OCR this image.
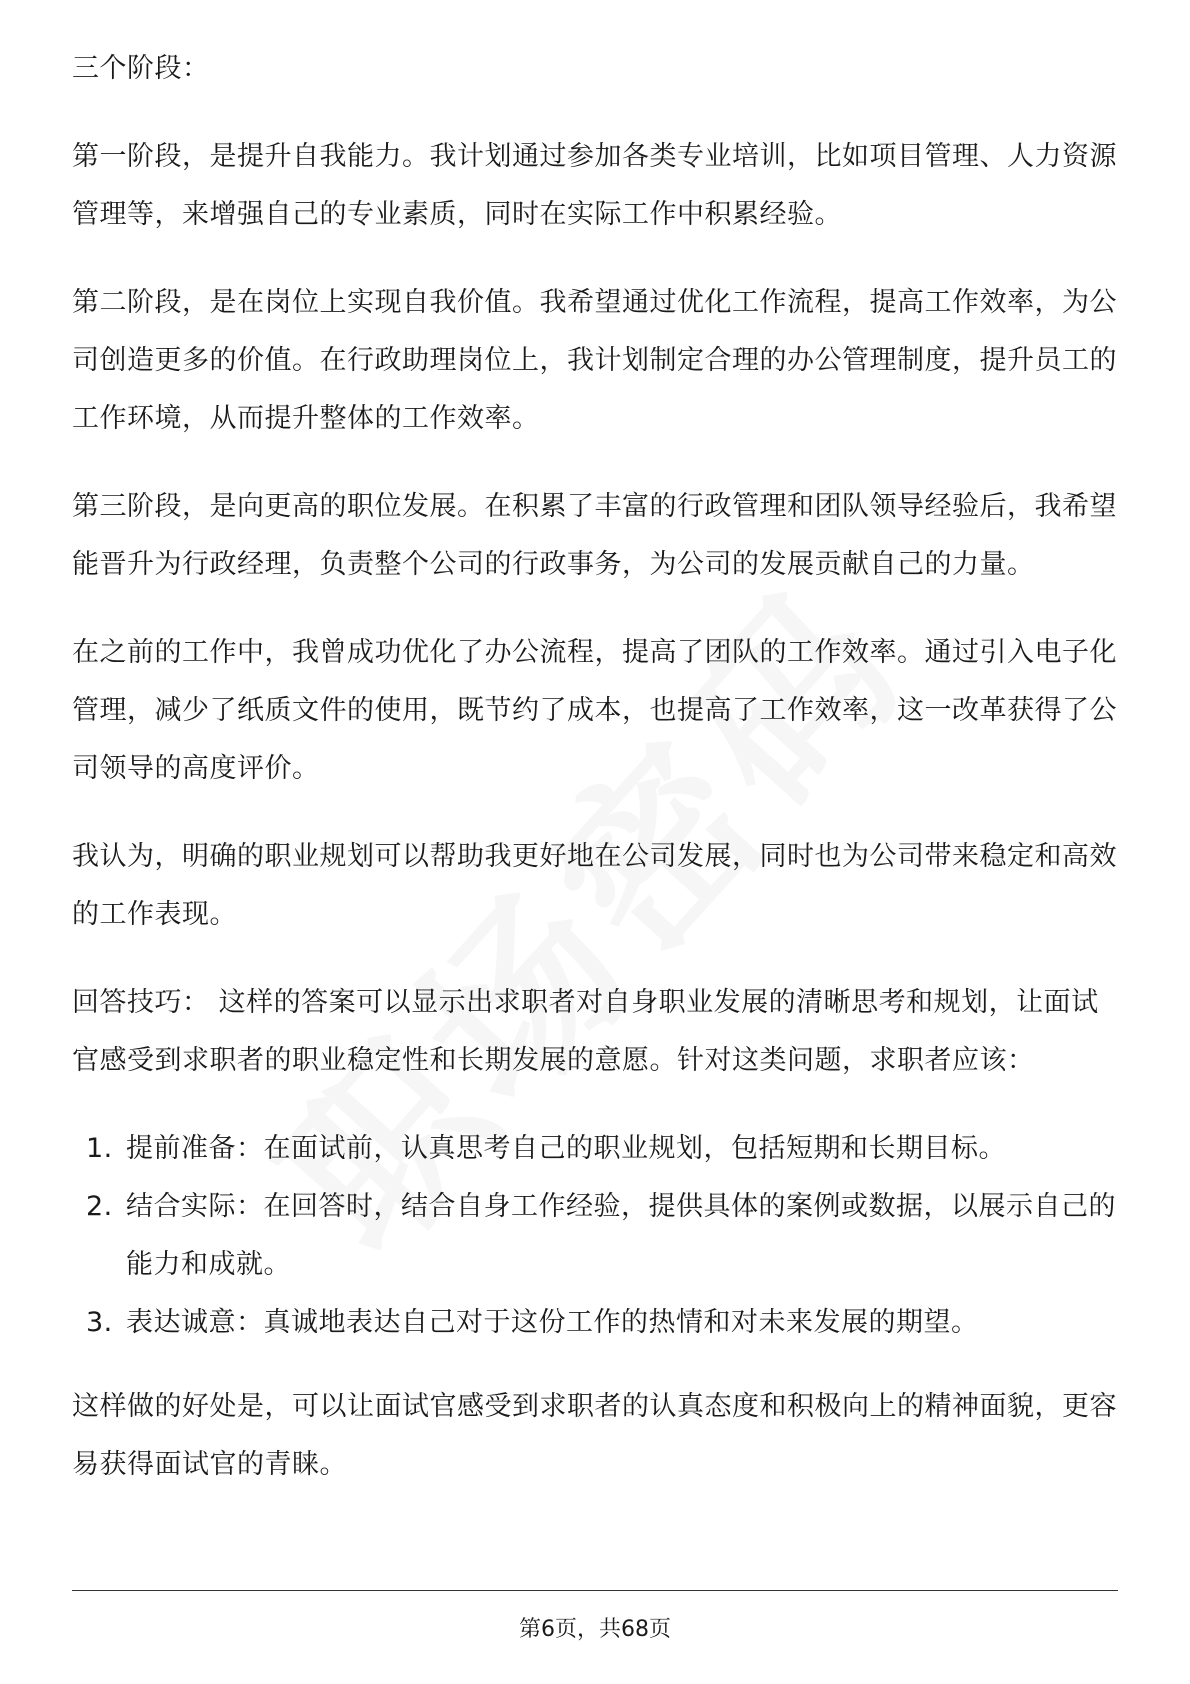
三个阶段：

第一阶段，是提升自我能力。我计划通过参加各类专业培训，比如项目管理、人力资源管理等，来增强自己的专业素质，同时在实际工作中积累经验。

第二阶段，是在岗位上实现自我价值。我希望通过优化工作流程，提高工作效率，为公司创造更多的价值。在行政助理岗位上，我计划制定合理的办公管理制度，提升员工的工作环境，从而提升整体的工作效率。

第三阶段，是向更高的职位发展。在积累了丰富的行政管理和团队领导经验后，我希望能晋升为行政经理，负责整个公司的行政事务，为公司的发展贡献自己的力量。

在之前的工作中，我曾成功优化了办公流程，提高了团队的工作效率。通过引入电子化管理，减少了纸质文件的使用，既节约了成本，也提高了工作效率，这一改革获得了公司领导的高度评价。

我认为，明确的职业规划可以帮助我更好地在公司发展，同时也为公司带来稳定和高效的工作表现。

回答技巧： 这样的答案可以显示出求职者对自身职业发展的清晰思考和规划，让面试官感受到求职者的职业稳定性和长期发展的意愿。针对这类问题，求职者应该：

1. 提前准备：在面试前，认真思考自己的职业规划，包括短期和长期目标。
2. 结合实际：在回答时，结合自身工作经验，提供具体的案例或数据，以展示自己的能力和成就。
3. 表达诚意：真诚地表达自己对于这份工作的热情和对未来发展的期望。

这样做的好处是，可以让面试官感受到求职者的认真态度和积极向上的精神面貌，更容易获得面试官的青睐。

第6页，共68页
